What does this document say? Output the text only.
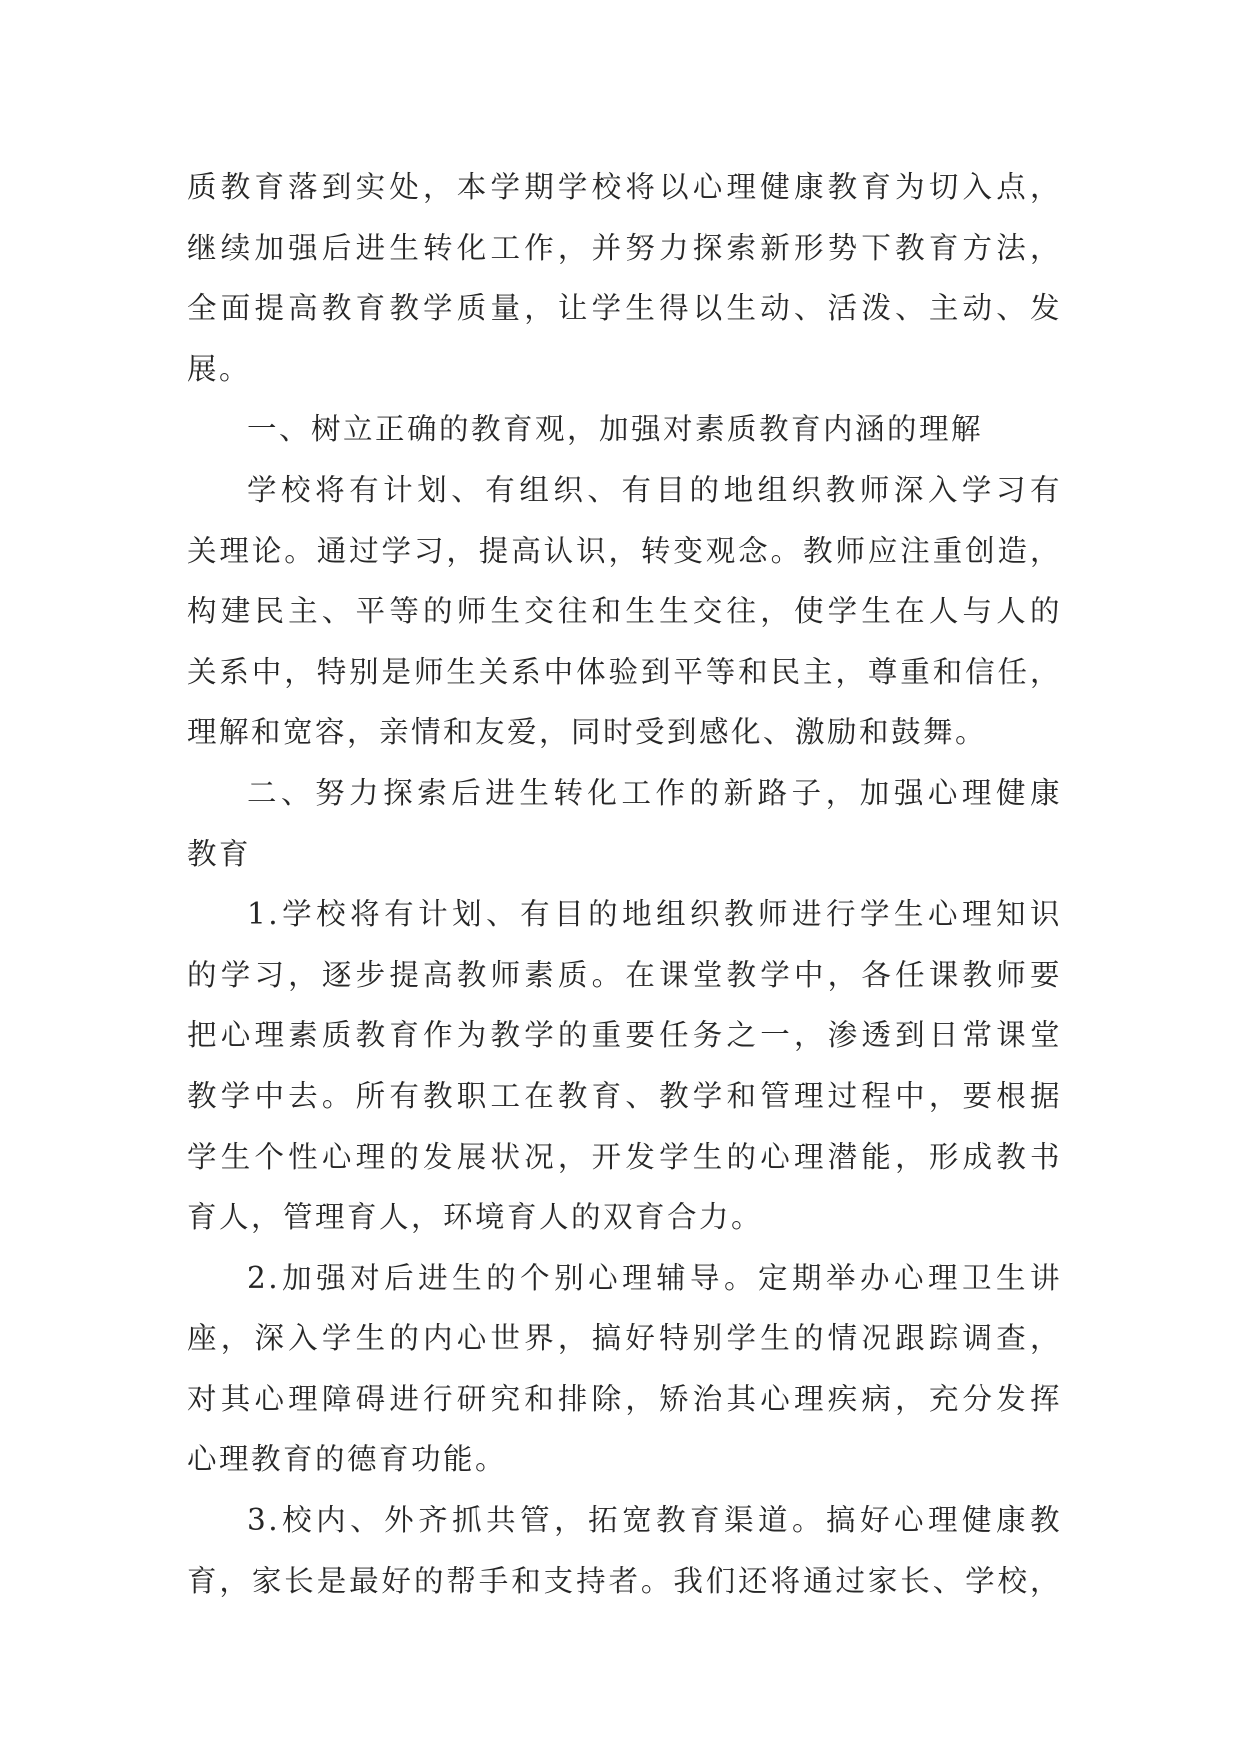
质教育落到实处，本学期学校将以心理健康教育为切入点，
继续加强后进生转化工作，并努力探索新形势下教育方法，
全面提高教育教学质量，让学生得以生动、活泼、主动、发
展。
一、树立正确的教育观，加强对素质教育内涵的理解
学校将有计划、有组织、有目的地组织教师深入学习有
关理论。通过学习，提高认识，转变观念。教师应注重创造，
构建民主、平等的师生交往和生生交往，使学生在人与人的
关系中，特别是师生关系中体验到平等和民主，尊重和信任，
理解和宽容，亲情和友爱，同时受到感化、激励和鼓舞。
二、努力探索后进生转化工作的新路子，加强心理健康
教育
1.学校将有计划、有目的地组织教师进行学生心理知识
的学习，逐步提高教师素质。在课堂教学中，各任课教师要
把心理素质教育作为教学的重要任务之一，渗透到日常课堂
教学中去。所有教职工在教育、教学和管理过程中，要根据
学生个性心理的发展状况，开发学生的心理潜能，形成教书
育人，管理育人，环境育人的双育合力。
2.加强对后进生的个别心理辅导。定期举办心理卫生讲
座，深入学生的内心世界，搞好特别学生的情况跟踪调查，
对其心理障碍进行研究和排除，矫治其心理疾病，充分发挥
心理教育的德育功能。
3.校内、外齐抓共管，拓宽教育渠道。搞好心理健康教
育，家长是最好的帮手和支持者。我们还将通过家长、学校，
